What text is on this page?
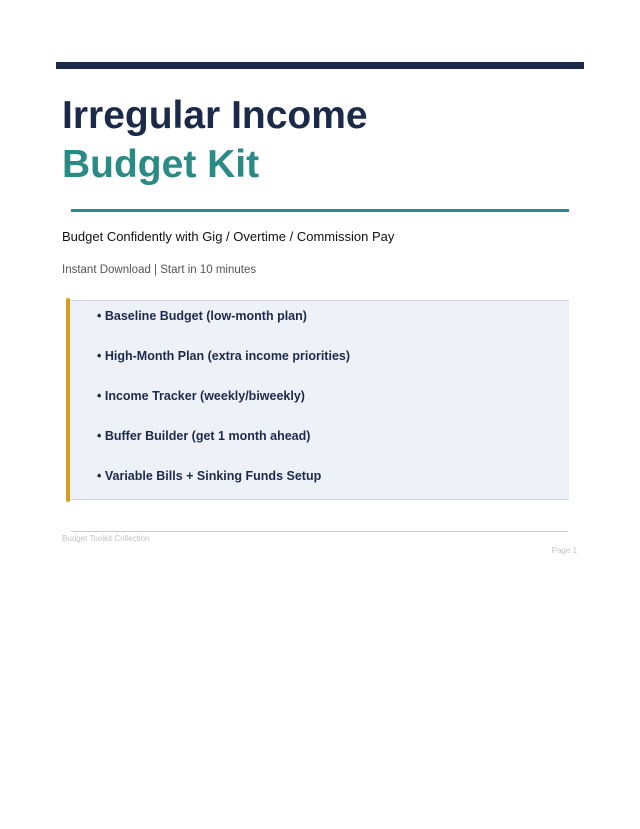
Irregular Income
Budget Kit
Budget Confidently with Gig / Overtime / Commission Pay
Instant Download | Start in 10 minutes
• Baseline Budget (low-month plan)
• High-Month Plan (extra income priorities)
• Income Tracker (weekly/biweekly)
• Buffer Builder (get 1 month ahead)
• Variable Bills + Sinking Funds Setup
Budget Toolkit Collection
Page 1
